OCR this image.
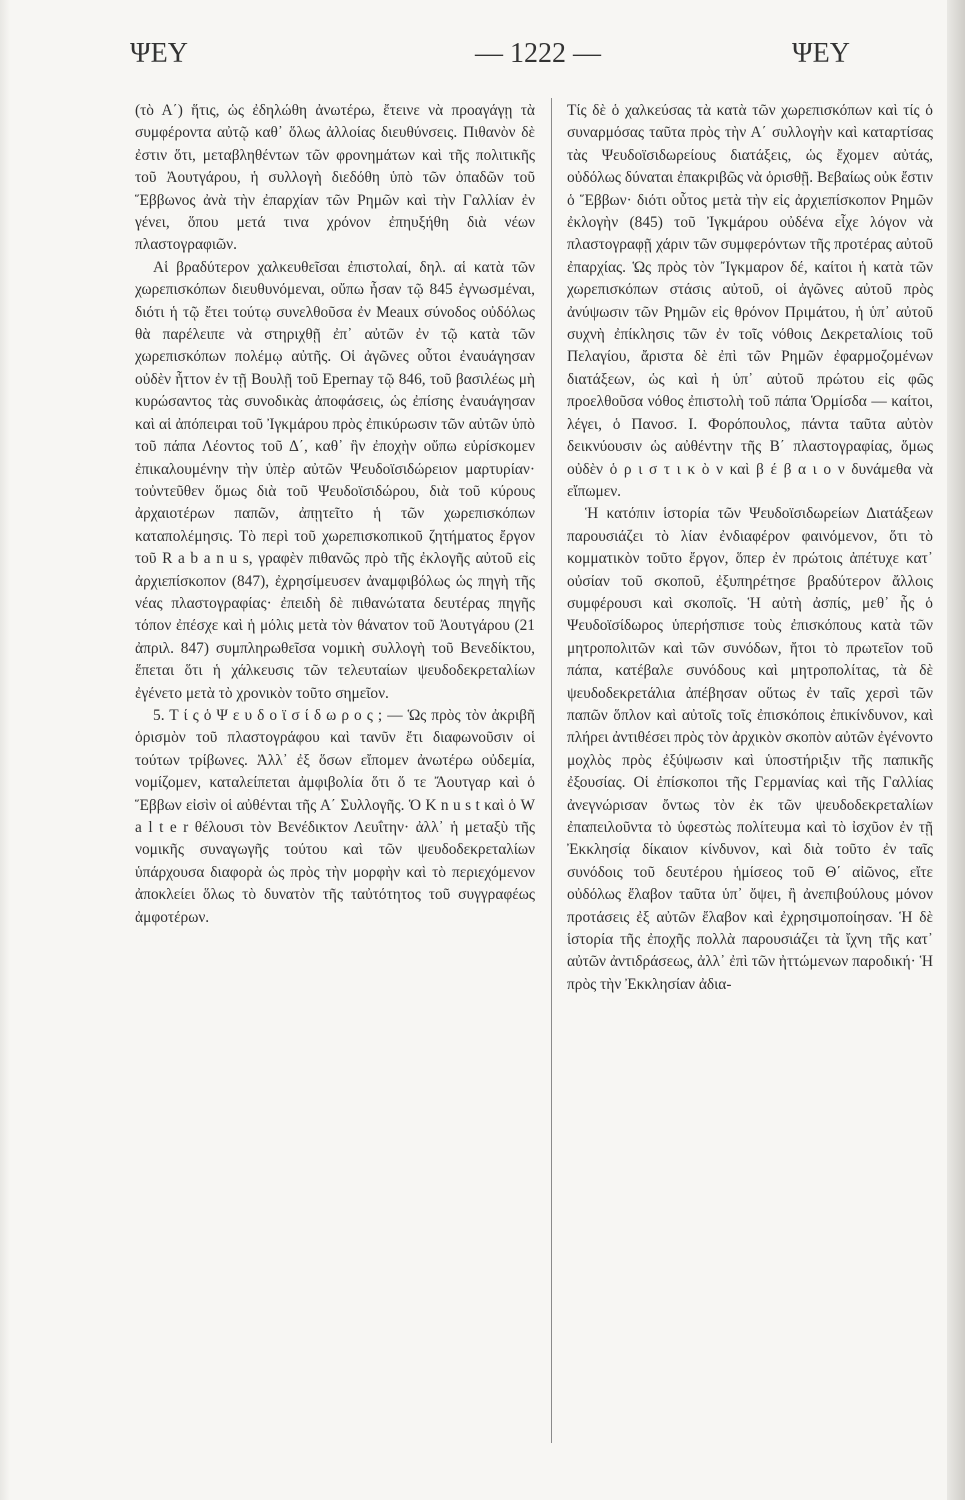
ΨΕΥ	— 1222 —	ΨΕΥ

(τὸ Α΄) ἥτις, ὡς ἐδηλώθη ἀνωτέρω, ἔτεινε νὰ προαγάγῃ τὰ συμφέροντα αὐτῷ καθ᾿ ὅλως ἀλλοίας διευθύνσεις. Πιθανὸν δὲ ἐστιν ὅτι, μεταβληθέντων τῶν φρονημάτων καὶ τῆς πολιτικῆς τοῦ Ἀουτγάρου, ἡ συλλογὴ διεδόθη ὑπὸ τῶν ὀπαδῶν τοῦ Ἕββωνος ἀνὰ τὴν ἐπαρχίαν τῶν Ρημῶν καὶ τὴν Γαλλίαν ἐν γένει, ὅπου μετά τινα χρόνον ἐπηυξήθη διὰ νέων πλαστογραφιῶν.

Αἱ βραδύτερον χαλκευθεῖσαι ἐπιστολαί, δηλ. αἱ κατὰ τῶν χωρεπισκόπων διευθυνόμεναι, οὔπω ἦσαν τῷ 845 ἐγνωσμέναι, διότι ἡ τῷ ἔτει τούτῳ συνελθοῦσα ἐν Meaux σύνοδος οὐδόλως θὰ παρέλειπε νὰ στηριχθῇ ἐπ᾿ αὐτῶν ἐν τῷ κατὰ τῶν χωρεπισκόπων πολέμῳ αὐτῆς. Οἱ ἀγῶνες οὗτοι ἐναυάγησαν οὐδὲν ἧττον ἐν τῇ Βουλῇ τοῦ Epernay τῷ 846, τοῦ βασιλέως μὴ κυρώσαντος τὰς συνοδικὰς ἀποφάσεις, ὡς ἐπίσης ἐναυάγησαν καὶ αἱ ἀπόπειραι τοῦ Ἰγκμάρου πρὸς ἐπικύρωσιν τῶν αὐτῶν ὑπὸ τοῦ πάπα Λέοντος τοῦ Δ΄, καθ᾿ ἣν ἐποχὴν οὔπω εὑρίσκομεν ἐπικαλουμένην τὴν ὑπὲρ αὐτῶν Ψευδοϊσιδώρειον μαρτυρίαν· τοὐντεῦθεν ὅμως διὰ τοῦ Ψευδοϊσιδώρου, διὰ τοῦ κύρους ἀρχαιοτέρων παπῶν, ἀπῃτεῖτο ἡ τῶν χωρεπισκόπων καταπολέμησις. Τὸ περὶ τοῦ χωρεπισκοπικοῦ ζητήματος ἔργον τοῦ R a b a n u s, γραφὲν πιθανῶς πρὸ τῆς ἐκλογῆς αὐτοῦ εἰς ἀρχιεπίσκοπον (847), ἐχρησίμευσεν ἀναμφιβόλως ὡς πηγὴ τῆς νέας πλαστογραφίας· ἐπειδὴ δὲ πιθανώτατα δευτέρας πηγῆς τόπον ἐπέσχε καὶ ἡ μόλις μετὰ τὸν θάνατον τοῦ Ἀουτγάρου (21 ἀπριλ. 847) συμπληρωθεῖσα νομικὴ συλλογὴ τοῦ Βενεδίκτου, ἕπεται ὅτι ἡ χάλκευσις τῶν τελευταίων ψευδοδεκρεταλίων ἐγένετο μετὰ τὸ χρονικὸν τοῦτο σημεῖον.

5. Τ ί ς ὁ Ψ ε υ δ ο ϊ σ ί δ ω ρ ο ς ; — Ὡς πρὸς τὸν ἀκριβῆ ὁρισμὸν τοῦ πλαστογράφου καὶ τανῦν ἔτι διαφωνοῦσιν οἱ τούτων τρίβωνες. Ἀλλ᾿ ἐξ ὅσων εἴπομεν ἀνωτέρω οὐδεμία, νομίζομεν, καταλείπεται ἀμφιβολία ὅτι ὅ τε Ἄουτγαρ καὶ ὁ Ἕββων εἰσὶν οἱ αὐθένται τῆς Α΄ Συλλογῆς. Ὁ K n u s t καὶ ὁ W a l t e r θέλουσι τὸν Βενέδικτον Λευΐτην· ἀλλ᾿ ἡ μεταξὺ τῆς νομικῆς συναγωγῆς τούτου καὶ τῶν ψευδοδεκρεταλίων ὑπάρχουσα διαφορὰ ὡς πρὸς τὴν μορφὴν καὶ τὸ περιεχόμενον ἀποκλείει ὅλως τὸ δυνατὸν τῆς ταὐτότητος τοῦ συγγραφέως ἀμφοτέρων.

Τίς δὲ ὁ χαλκεύσας τὰ κατὰ τῶν χωρεπισκόπων καὶ τίς ὁ συναρμόσας ταῦτα πρὸς τὴν Α΄ συλλογὴν καὶ καταρτίσας τὰς Ψευδοϊσιδωρείους διατάξεις, ὡς ἔχομεν αὐτάς, οὐδόλως δύναται ἐπακριβῶς νὰ ὁρισθῇ. Βεβαίως οὐκ ἔστιν ὁ Ἕββων· διότι οὗτος μετὰ τὴν εἰς ἀρχιεπίσκοπον Ρημῶν ἐκλογὴν (845) τοῦ Ἰγκμάρου οὐδένα εἶχε λόγον νὰ πλαστογραφῇ χάριν τῶν συμφερόντων τῆς προτέρας αὐτοῦ ἐπαρχίας. Ὡς πρὸς τὸν Ἴγκμαρον δέ, καίτοι ἡ κατὰ τῶν χωρεπισκόπων στάσις αὐτοῦ, οἱ ἀγῶνες αὐτοῦ πρὸς ἀνύψωσιν τῶν Ρημῶν εἰς θρόνον Πριμάτου, ἡ ὑπ᾿ αὐτοῦ συχνὴ ἐπίκλησις τῶν ἐν τοῖς νόθοις Δεκρεταλίοις τοῦ Πελαγίου, ἄριστα δὲ ἐπὶ τῶν Ρημῶν ἐφαρμοζομένων διατάξεων, ὡς καὶ ἡ ὑπ᾿ αὐτοῦ πρώτου εἰς φῶς προελθοῦσα νόθος ἐπιστολὴ τοῦ πάπα Ὁρμίσδα — καίτοι, λέγει, ὁ Πανοσ. Ι. Φορόπουλος, πάντα ταῦτα αὐτὸν δεικνύουσιν ὡς αὐθέντην τῆς Β΄ πλαστογραφίας, ὅμως οὐδὲν ὁ ρ ι σ τ ι κ ὸ ν καὶ β έ β α ι ο ν δυνάμεθα νὰ εἴπωμεν.

Ἡ κατόπιν ἱστορία τῶν Ψευδοϊσιδωρείων Διατάξεων παρουσιάζει τὸ λίαν ἐνδιαφέρον φαινόμενον, ὅτι τὸ κομματικὸν τοῦτο ἔργον, ὅπερ ἐν πρώτοις ἀπέτυχε κατ᾿ οὐσίαν τοῦ σκοποῦ, ἐξυπηρέτησε βραδύτερον ἄλλοις συμφέρουσι καὶ σκοποῖς. Ἡ αὐτὴ ἀσπίς, μεθ᾿ ἧς ὁ Ψευδοϊσίδωρος ὑπερήσπισε τοὺς ἐπισκόπους κατὰ τῶν μητροπολιτῶν καὶ τῶν συνόδων, ἤτοι τὸ πρωτεῖον τοῦ πάπα, κατέβαλε συνόδους καὶ μητροπολίτας, τὰ δὲ ψευδοδεκρετάλια ἀπέβησαν οὕτως ἐν ταῖς χερσὶ τῶν παπῶν ὅπλον καὶ αὐτοῖς τοῖς ἐπισκόποις ἐπικίνδυνον, καὶ πλήρει ἀντιθέσει πρὸς τὸν ἀρχικὸν σκοπὸν αὐτῶν ἐγένοντο μοχλὸς πρὸς ἐξύψωσιν καὶ ὑποστήριξιν τῆς παπικῆς ἐξουσίας. Οἱ ἐπίσκοποι τῆς Γερμανίας καὶ τῆς Γαλλίας ἀνεγνώρισαν ὄντως τὸν ἐκ τῶν ψευδοδεκρεταλίων ἐπαπειλοῦντα τὸ ὑφεστὼς πολίτευμα καὶ τὸ ἰσχῦον ἐν τῇ Ἐκκλησίᾳ δίκαιον κίνδυνον, καὶ διὰ τοῦτο ἐν ταῖς συνόδοις τοῦ δευτέρου ἡμίσεος τοῦ Θ΄ αἰῶνος, εἴτε οὐδόλως ἔλαβον ταῦτα ὑπ᾿ ὄψει, ἢ ἀνεπιβούλους μόνον προτάσεις ἐξ αὐτῶν ἔλαβον καὶ ἐχρησιμοποίησαν. Ἡ δὲ ἱστορία τῆς ἐποχῆς πολλὰ παρουσιάζει τὰ ἴχνη τῆς κατ᾿ αὐτῶν ἀντιδράσεως, ἀλλ᾿ ἐπὶ τῶν ἠττώμενων παροδική· Ἡ πρὸς τὴν Ἐκκλησίαν ἀδια-
